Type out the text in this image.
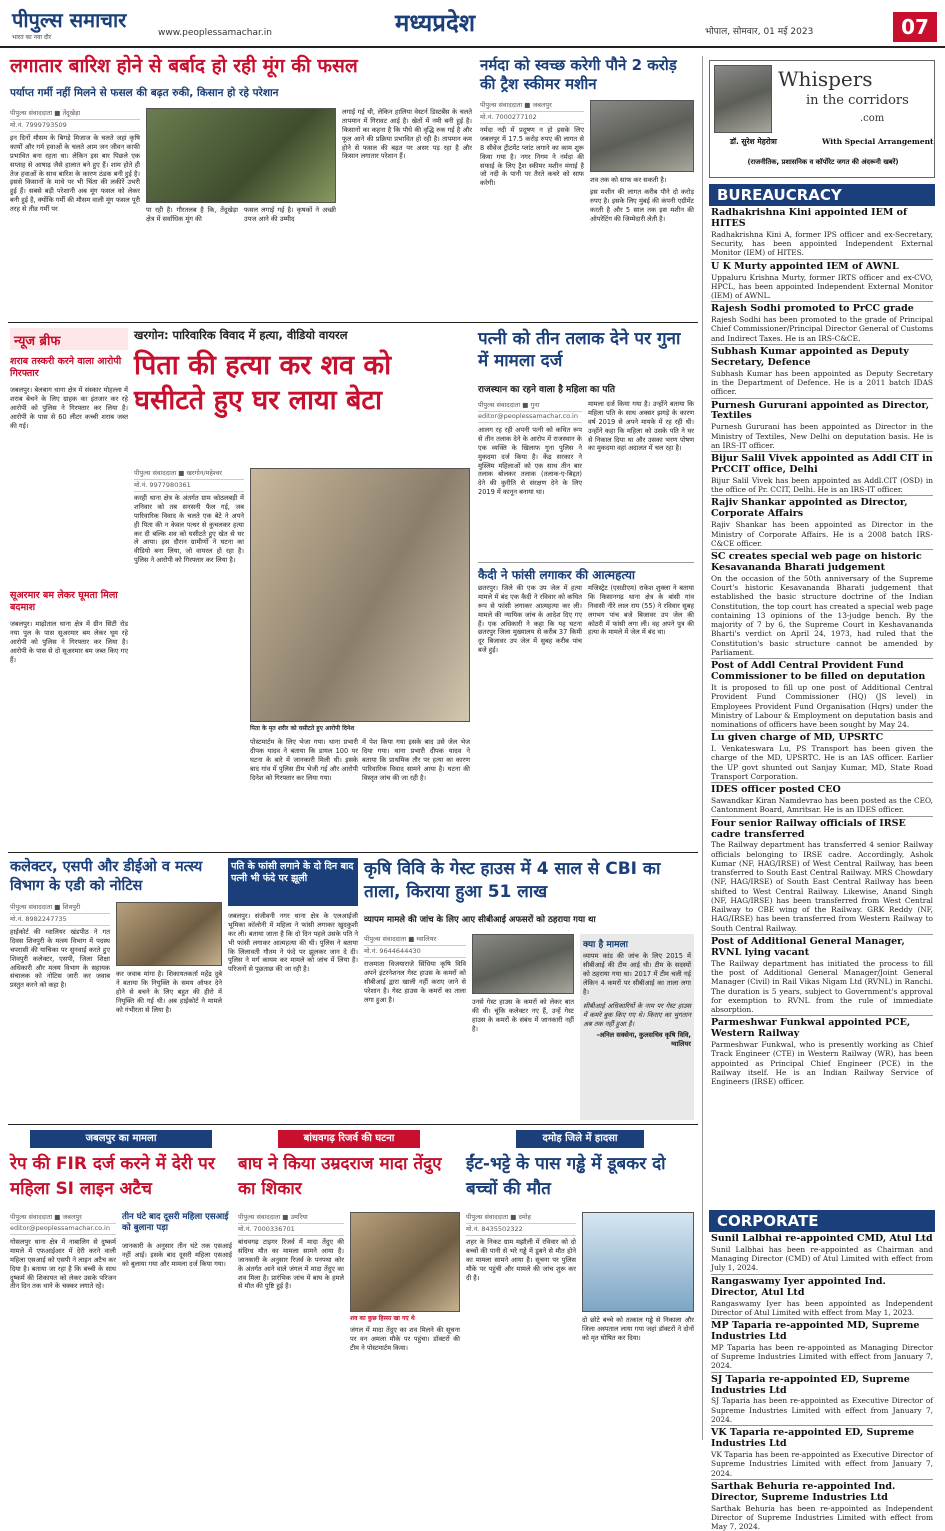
पीपुल्स समाचार
भारत का नया दौर	www.peoplessamachar.in	मध्यप्रदेश	भोपाल, सोमवार, 01 मई 2023	07
लगातार बारिश होने से बर्बाद हो रही मूंग की फसल
पर्याप्त गर्मी नहीं मिलने से फसल की बढ़त रुकी, किसान हो रहे परेशान
पीपुल्स संवाददाता ■ तेंदूखेड़ा
मो.नं. 7999793509
इन दिनों मौसम के बिगड़े मिजाज के चलते जहां कृषि कार्यों और गर्म हवाओं के चलते आम जन जीवन काफी प्रभावित बना रहता था। लेकिन इस बार पिछले एक सप्ताह से आषाढ़ जैसे हालात बने हुए हैं। शाम होते ही तेज हवाओं के साथ बारिश के कारण ठंडक बनी हुई है। इससे किसानों के माथे पर भी चिंता की लकीरें उभरी हुई हैं। सबसे बड़ी परेशानी अब मूंग फसल को लेकर बनी हुई है, क्योंकि गर्मी की मौसम वाली मूंग फसल पूरी तरह से तीव्र गर्मी पर	पा रही है। गौरतलब है कि, तेंदूखेड़ा क्षेत्र में सर्वाधिक मूंग की
फसल लगाई गई है। कृषकों ने अच्छी उपज आने की उम्मीद
लगाई गई थी, लेकिन हालिया वेस्टर्न डिस्टर्बेंस के चलते तापमान में गिरावट आई है। खेतों में नमी बनी हुई है। किसानों का कहना है कि पौधे की वृद्धि रुक गई है और फूल आने की प्रक्रिया प्रभावित हो रही है। तापमान कम होने से फसल की बढ़त पर असर पड़ रहा है और किसान लगातार परेशान हैं।
नर्मदा को स्वच्छ करेगी पौने 2 करोड़ की ट्रैश स्कीमर मशीन
पीपुल्स संवाददाता ■ जबलपुर
मो.नं. 7000277102
नर्मदा नदी में प्रदूषण न हो इसके लिए जबलपुर में 17.5 करोड़ रुपए की लागत से 8 सीवेज ट्रीटमेंट प्लांट लगाने का काम शुरू किया गया है। नगर निगम ने नर्मदा की सफाई के लिए ट्रैश स्कीमर मशीन मंगाई है जो नदी के पानी पर तैरते कचरे को साफ करेगी।	शव तक को साफ कर सकती है।
इस मशीन की लागत करीब पौने दो करोड़ रुपए है। इसके लिए मुंबई की कंपनी एग्रीमेंट करती है और 5 साल तक इस मशीन की ऑपरेटिंग की जिम्मेदारी लेती है।
न्यूज ब्रीफ
शराब तस्करी करने वाला आरोपी गिरफ्तार
जबलपुर। बेलबाग थाना क्षेत्र में संस्कार मोहल्ला में शराब बेचने के लिए ग्राहक का इंतजार कर रहे आरोपी को पुलिस ने गिरफ्तार कर लिया है। आरोपी के पास से 60 लीटर कच्ची शराब जब्त की गई।
सूअरमार बम लेकर घूमता मिला बदमाश
जबलपुर। माढ़ोताल थाना क्षेत्र में ग्रीन सिटी रोड नया पुल के पास सूअरमार बम लेकर घूम रहे आरोपी को पुलिस ने गिरफ्तार कर लिया है। आरोपी के पास से दो सूअरमार बम जब्त किए गए हैं।
खरगोन: पारिवारिक विवाद में हत्या, वीडियो वायरल
पिता की हत्या कर शव को घसीटते हुए घर लाया बेटा
पीपुल्स संवाददाता ■ खरगोन/महेश्वर
मो.नं. 9977980361
करही थाना क्षेत्र के अंतर्गत ग्राम कोठलबड़ी में शनिवार को तब सनसनी फैल गई, जब पारिवारिक विवाद के चलते एक बेटे ने अपने ही पिता की न केवल पत्थर से कुचलकर हत्या कर दी बल्कि शव को घसीटते हुए खेत से घर ले आया। इस दौरान ग्रामीणों ने घटना का वीडियो बना लिया, जो वायरल हो रहा है। पुलिस ने आरोपी को गिरफ्तार कर लिया है।
पिता के मृत शरीर को घसीटते हुए आरोपी दिनेश
पोस्टमार्टम के लिए भेजा गया। थाना प्रभारी दीपक यादव ने बताया कि डायल 100 पर घटना के बारे में जानकारी मिली थी। इसके बाद गांव में पुलिस टीम भेजी गई और आरोपी दिनेश को गिरफ्तार कर लिया गया।
में पेश किया गया इसके बाद उसे जेल भेज दिया गया। थाना प्रभारी दीपक यादव ने बताया कि प्राथमिक तौर पर हत्या का कारण पारिवारिक विवाद सामने आया है। घटना की विस्तृत जांच की जा रही है।
पत्नी को तीन तलाक देने पर गुना में मामला दर्ज
राजस्थान का रहने वाला है महिला का पति
पीपुल्स संवाददाता ■ गुना
editor@peoplessamachar.co.in
आलग रह रही अपनी पत्नी को कथित रूप से तीन तलाक देने के आरोप में राजस्थान के एक व्यक्ति के खिलाफ गुना पुलिस ने मुकदमा दर्ज किया है। केंद्र सरकार ने मुस्लिम महिलाओं को एक साथ तीन बार तलाक बोलकर तलाक (तलाक-ए-बिद्दत) देने की कुरीति से संरक्षण देने के लिए 2019 में कानून बनाया था।
मामला दर्ज किया गया है। उन्होंने बताया कि महिला पति के साथ अक्सर झगड़े के कारण वर्ष 2019 से अपने मायके में रह रही थी। उन्होंने कहा कि महिला को उसके पति ने घर से निकाल दिया था और उसका भरण पोषण का मुकदमा वहां अदालत में चल रहा है।
कैदी ने फांसी लगाकर की आत्महत्या
छतरपुर। जिले की एक उप जेल में हत्या मामले में बंद एक कैदी ने रविवार को कथित रूप से फांसी लगाकर आत्महत्या कर ली। मामले की न्यायिक जांच के आदेश दिए गए हैं। एक अधिकारी ने कहा कि यह घटना छतरपुर जिला मुख्यालय से करीब 37 किमी दूर बिजावर उप जेल में सुबह करीब पांच बजे हुई।
मजिस्ट्रेट (एसडीएम) राकेश शुक्ला ने बताया कि किसानगढ़ थाना क्षेत्र के बांसी गांव निवासी नीरे लाल राय (55) ने रविवार सुबह लगभग पांच बजे बिजावर उप जेल की कोठरी में फांसी लगा ली। वह अपने पुत्र की हत्या के मामले में जेल में बंद था।
कलेक्टर, एसपी और डीईओ व मत्स्य विभाग के एडी को नोटिस
पीपुल्स संवाददाता ■ शिवपुरी
मो.नं. 8982247735
हाईकोर्ट की ग्वालियर खंडपीठ ने गत दिवस शिवपुरी के मत्स्य विभाग में पदस्थ चपरासी की याचिका पर सुनवाई करते हुए शिवपुरी कलेक्टर, एसपी, जिला शिक्षा अधिकारी और मत्स्य विभाग के सहायक संचालक को नोटिस जारी कर जवाब प्रस्तुत करने को कहा है।
कर जवाब मांगा है। शिकायतकर्ता महेंद्र दुबे ने बताया कि नियुक्ति के समय ऑफर देने होने से बचने के लिए बहुत की हीरो में नियुक्ति की गई थी। अब हाईकोर्ट ने मामले को गंभीरता से लिया है।
पति के फांसी लगाने के दो दिन बाद पत्नी भी फंदे पर झूली
जबलपुर। संजीवनी नगर थाना क्षेत्र के एलआईजी भूमिका कॉलोनी में महिला ने फांसी लगाकर खुदकुशी कर ली। बताया जाता है कि दो दिन पहले उसके पति ने भी फांसी लगाकर आत्महत्या की थी। पुलिस ने बताया कि लिलावती गौतम ने फंदे पर झूलकर जान दे दी। पुलिस ने मर्ग कायम कर मामले को जांच में लिया है। परिजनों से पूछताछ की जा रही है।
कृषि विवि के गेस्ट हाउस में 4 साल से CBI का ताला, किराया हुआ 51 लाख
व्यापम मामले की जांच के लिए आए सीबीआई अफसरों को ठहराया गया था
पीपुल्स संवाददाता ■ ग्वालियर
मो.नं. 9644644430
राजमाता विजयाराजे सिंधिया कृषि विवि अपने इंटरनेशनल गेस्ट हाउस के कमरों को सीबीआई द्वारा खाली नहीं कराए जाने से परेशान है। गेस्ट हाउस के कमरों का ताला लगा हुआ है।	उनसे गेस्ट हाउस के कमरों को लेकर बात की थी। चूंकि कलेक्टर नए हैं, उन्हें गेस्ट हाउस के कमरों के संबंध में जानकारी नहीं है।
क्या है मामला
व्यापम कांड की जांच के लिए 2015 में सीबीआई की टीम आई थी। टीम के सदस्यों को ठहराया गया था। 2017 में टीम चली गई लेकिन 4 कमरों पर सीबीआई का ताला लगा है।
सीबीआई अधिकारियों के नाम पर गेस्ट हाउस में कमरे बुक किए गए थे। किराए का भुगतान अब तक नहीं हुआ है।
-अनिल सक्सेना, कुलसचिव कृषि विवि, ग्वालियर
जबलपुर का मामला
रेप की FIR दर्ज करने में देरी पर महिला SI लाइन अटैच
पीपुल्स संवाददाता ■ जबलपुर
editor@peoplessamachar.co.in
गोसलपुर थाना क्षेत्र में नाबालिग से दुष्कर्म मामले में एफआईआर में देरी करने वाली महिला एसआई को एसपी ने लाइन अटैच कर दिया है। बताया जा रहा है कि बच्ची के साथ दुष्कर्म की शिकायत को लेकर उसके परिजन तीन दिन तक थाने के चक्कर लगाते रहे।
तीन घंटे बाद दूसरी महिला एसआई को बुलाना पड़ा
जानकारी के अनुसार तीन घंटे तक एसआई नहीं आई। इसके बाद दूसरी महिला एसआई को बुलाया गया और मामला दर्ज किया गया।
बांधवगढ़ रिजर्व की घटना
बाघ ने किया उम्रदराज मादा तेंदुए का शिकार
पीपुल्स संवाददाता ■ उमरिया
मो.नं. 7000336701
शव का कुछ हिस्सा खा गए थे
बांधवगढ़ टाइगर रिजर्व में मादा तेंदुए की संदिग्ध मौत का मामला सामने आया है। जानकारी के अनुसार रिजर्व के पनपथा कोर के अंतर्गत आने वाले जंगल में मादा तेंदुए का शव मिला है। प्रारंभिक जांच में बाघ के हमले से मौत की पुष्टि हुई है।
जंगल में मादा तेंदुए का शव मिलने की सूचना पर वन अमला मौके पर पहुंचा। डॉक्टरों की टीम ने पोस्टमार्टम किया।
दमोह जिले में हादसा
ईंट-भट्टे के पास गड्ढे में डूबकर दो बच्चों की मौत
पीपुल्स संवाददाता ■ दमोह
मो.नं. 8435502322
शहर के निकट ग्राम मझौली में रविवार को दो बच्चों की पानी से भरे गड्ढे में डूबने से मौत होने का मामला सामने आया है। सूचना पर पुलिस मौके पर पहुंची और मामले की जांच शुरू कर दी है।
दो छोटे बच्चे को तत्काल गड्ढे से निकाला और जिला अस्पताल लाया गया जहां डॉक्टरों ने दोनों को मृत घोषित कर दिया।
Whispers
in the corridors
.com
डॉ. सुरेश मेहरोत्रा	With Special Arrangement
(राजनीतिक, प्रशासनिक व कॉर्पोरेट जगत की अंदरूनी खबरें)
BUREAUCRACY
Radhakrishna Kini appointed IEM of HITES
Radhakrishna Kini A, former IPS officer and ex-Secretary, Security, has been appointed Independent External Monitor (IEM) of HITES.
U K Murty appointed IEM of AWNL
Uppaluru Krishna Murty, former IRTS officer and ex-CVO, HPCL, has been appointed Independent External Monitor (IEM) of AWNL.
Rajesh Sodhi promoted to PrCC grade
Rajesh Sodhi has been promoted to the grade of Principal Chief Commissioner/Principal Director General of Customs and Indirect Taxes. He is an IRS-C&CE.
Subhash Kumar appointed as Deputy Secretary, Defence
Subhash Kumar has been appointed as Deputy Secretary in the Department of Defence. He is a 2011 batch IDAS officer.
Purnesh Gururani appointed as Director, Textiles
Purnesh Gururani has been appointed as Director in the Ministry of Textiles, New Delhi on deputation basis. He is an IRS-IT officer.
Bijur Salil Vivek appointed as Addl CIT in PrCCIT office, Delhi
Bijur Salil Vivek has been appointed as Addl.CIT (OSD) in the office of Pr. CCIT, Delhi. He is an IRS-IT officer.
Rajiv Shankar appointed as Director, Corporate Affairs
Rajiv Shankar has been appointed as Director in the Ministry of Corporate Affairs. He is a 2008 batch IRS-C&CE officer.
SC creates special web page on historic Kesavananda Bharati judgement
On the occasion of the 50th anniversary of the Supreme Court's historic Kesavananda Bharati judgement that established the basic structure doctrine of the Indian Constitution, the top court has created a special web page containing 13 opinions of the 13-judge bench. By the majority of 7 by 6, the Supreme Court in Keshavananda Bharti's verdict on April 24, 1973, had ruled that the Constitution's basic structure cannot be amended by Parliament.
Post of Addl Central Provident Fund Commissioner to be filled on deputation
It is proposed to fill up one post of Additional Central Provident Fund Commissioner (HQ) (JS level) in Employees Provident Fund Organisation (Hqrs) under the Ministry of Labour & Employment on deputation basis and nominations of officers have been sought by May 24.
Lu given charge of MD, UPSRTC
I. Venkateswara Lu, PS Transport has been given the charge of the MD, UPSRTC. He is an IAS officer. Earlier the UP govt shunted out Sanjay Kumar, MD, State Road Transport Corporation.
IDES officer posted CEO
Sawandkar Kiran Namdevrao has been posted as the CEO, Cantonment Board, Amritsar. He is an IDES officer.
Four senior Railway officials of IRSE cadre transferred
The Railway department has transferred 4 senior Railway officials belonging to IRSE cadre. Accordingly, Ashok Kumar (NF, HAG/IRSE) of West Central Railway, has been transferred to South East Central Railway. MRS Chowdary (NF, HAG/IRSE) of South East Central Railway has been shifted to West Central Railway. Likewise, Anand Singh (NF, HAG/IRSE) has been transferred from West Central Railway to CBE wing of the Railway. GRK Reddy (NF, HAG/IRSE) has been transferred from Western Railway to South Central Railway.
Post of Additional General Manager, RVNL lying vacant
The Railway department has initiated the process to fill the post of Additional General Manager/Joint General Manager (Civil) in Rail Vikas Nigam Ltd (RVNL) in Ranchi. The duration is 5 years, subject to Government's approval for exemption to RVNL from the rule of immediate absorption.
Parmeshwar Funkwal appointed PCE, Western Railway
Parmeshwar Funkwal, who is presently working as Chief Track Engineer (CTE) in Western Railway (WR), has been appointed as Principal Chief Engineer (PCE) in the Railway itself. He is an Indian Railway Service of Engineers (IRSE) officer.
CORPORATE
Sunil Lalbhai re-appointed CMD, Atul Ltd
Sunil Lalbhai has been re-appointed as Chairman and Managing Director (CMD) of Atul Limited with effect from July 1, 2024.
Rangaswamy Iyer appointed Ind. Director, Atul Ltd
Rangaswamy Iyer has been appointed as Independent Director of Atul Limited with effect from May 1, 2023.
MP Taparia re-appointed MD, Supreme Industries Ltd
MP Taparia has been re-appointed as Managing Director of Supreme Industries Limited with effect from January 7, 2024.
SJ Taparia re-appointed ED, Supreme Industries Ltd
SJ Taparia has been re-appointed as Executive Director of Supreme Industries Limited with effect from January 7, 2024.
VK Taparia re-appointed ED, Supreme Industries Ltd
VK Taparia has been re-appointed as Executive Director of Supreme Industries Limited with effect from January 7, 2024.
Sarthak Behuria re-appointed Ind. Director, Supreme Industries Ltd
Sarthak Behuria has been re-appointed as Independent Director of Supreme Industries Limited with effect from May 7, 2024.
